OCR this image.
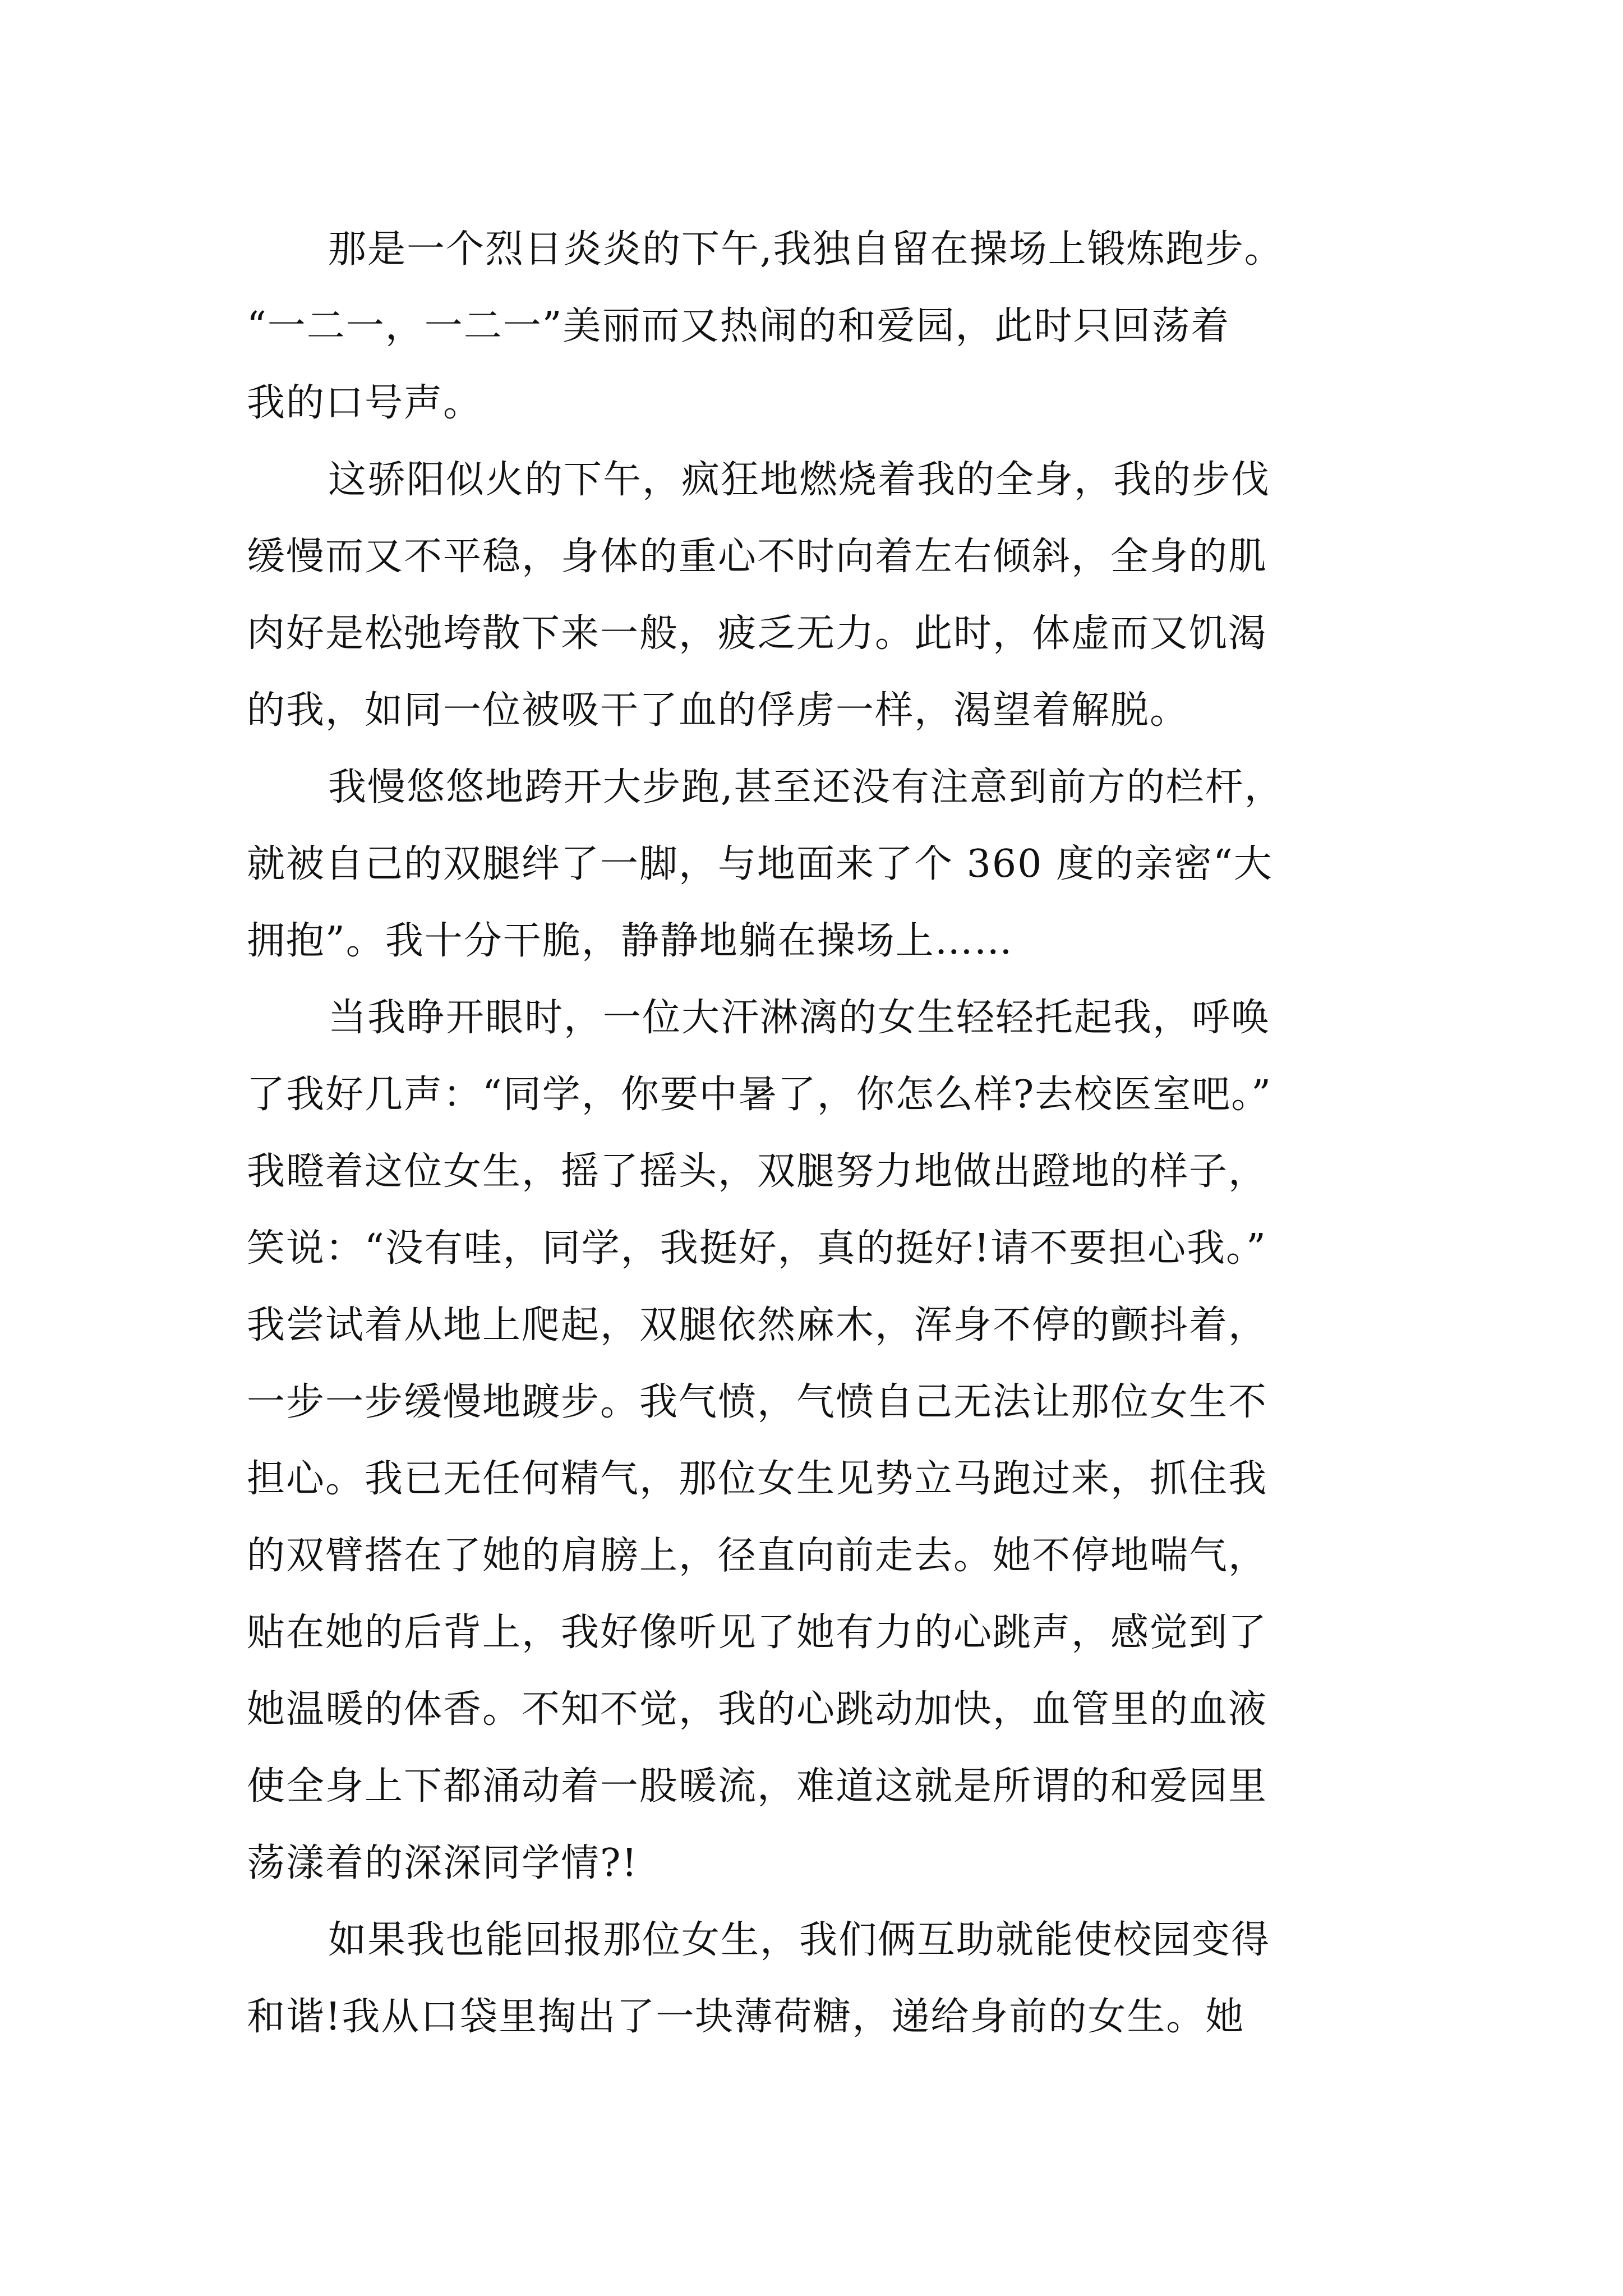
那是一个烈日炎炎的下午,我独自留在操场上锻炼跑步。
“一二一，一二一”美丽而又热闹的和爱园，此时只回荡着
我的口号声。
这骄阳似火的下午，疯狂地燃烧着我的全身，我的步伐
缓慢而又不平稳，身体的重心不时向着左右倾斜，全身的肌
肉好是松弛垮散下来一般，疲乏无力。此时，体虚而又饥渴
的我，如同一位被吸干了血的俘虏一样，渴望着解脱。
我慢悠悠地跨开大步跑,甚至还没有注意到前方的栏杆，
就被自己的双腿绊了一脚，与地面来了个 360 度的亲密“大
拥抱”。我十分干脆，静静地躺在操场上……
当我睁开眼时，一位大汗淋漓的女生轻轻托起我，呼唤
了我好几声：“同学，你要中暑了，你怎么样?去校医室吧。”
我瞪着这位女生，摇了摇头，双腿努力地做出蹬地的样子，
笑说：“没有哇，同学，我挺好，真的挺好!请不要担心我。”
我尝试着从地上爬起，双腿依然麻木，浑身不停的颤抖着，
一步一步缓慢地踱步。我气愤，气愤自己无法让那位女生不
担心。我已无任何精气，那位女生见势立马跑过来，抓住我
的双臂搭在了她的肩膀上，径直向前走去。她不停地喘气，
贴在她的后背上，我好像听见了她有力的心跳声，感觉到了
她温暖的体香。不知不觉，我的心跳动加快，血管里的血液
使全身上下都涌动着一股暖流，难道这就是所谓的和爱园里
荡漾着的深深同学情?!
如果我也能回报那位女生，我们俩互助就能使校园变得
和谐!我从口袋里掏出了一块薄荷糖，递给身前的女生。她
